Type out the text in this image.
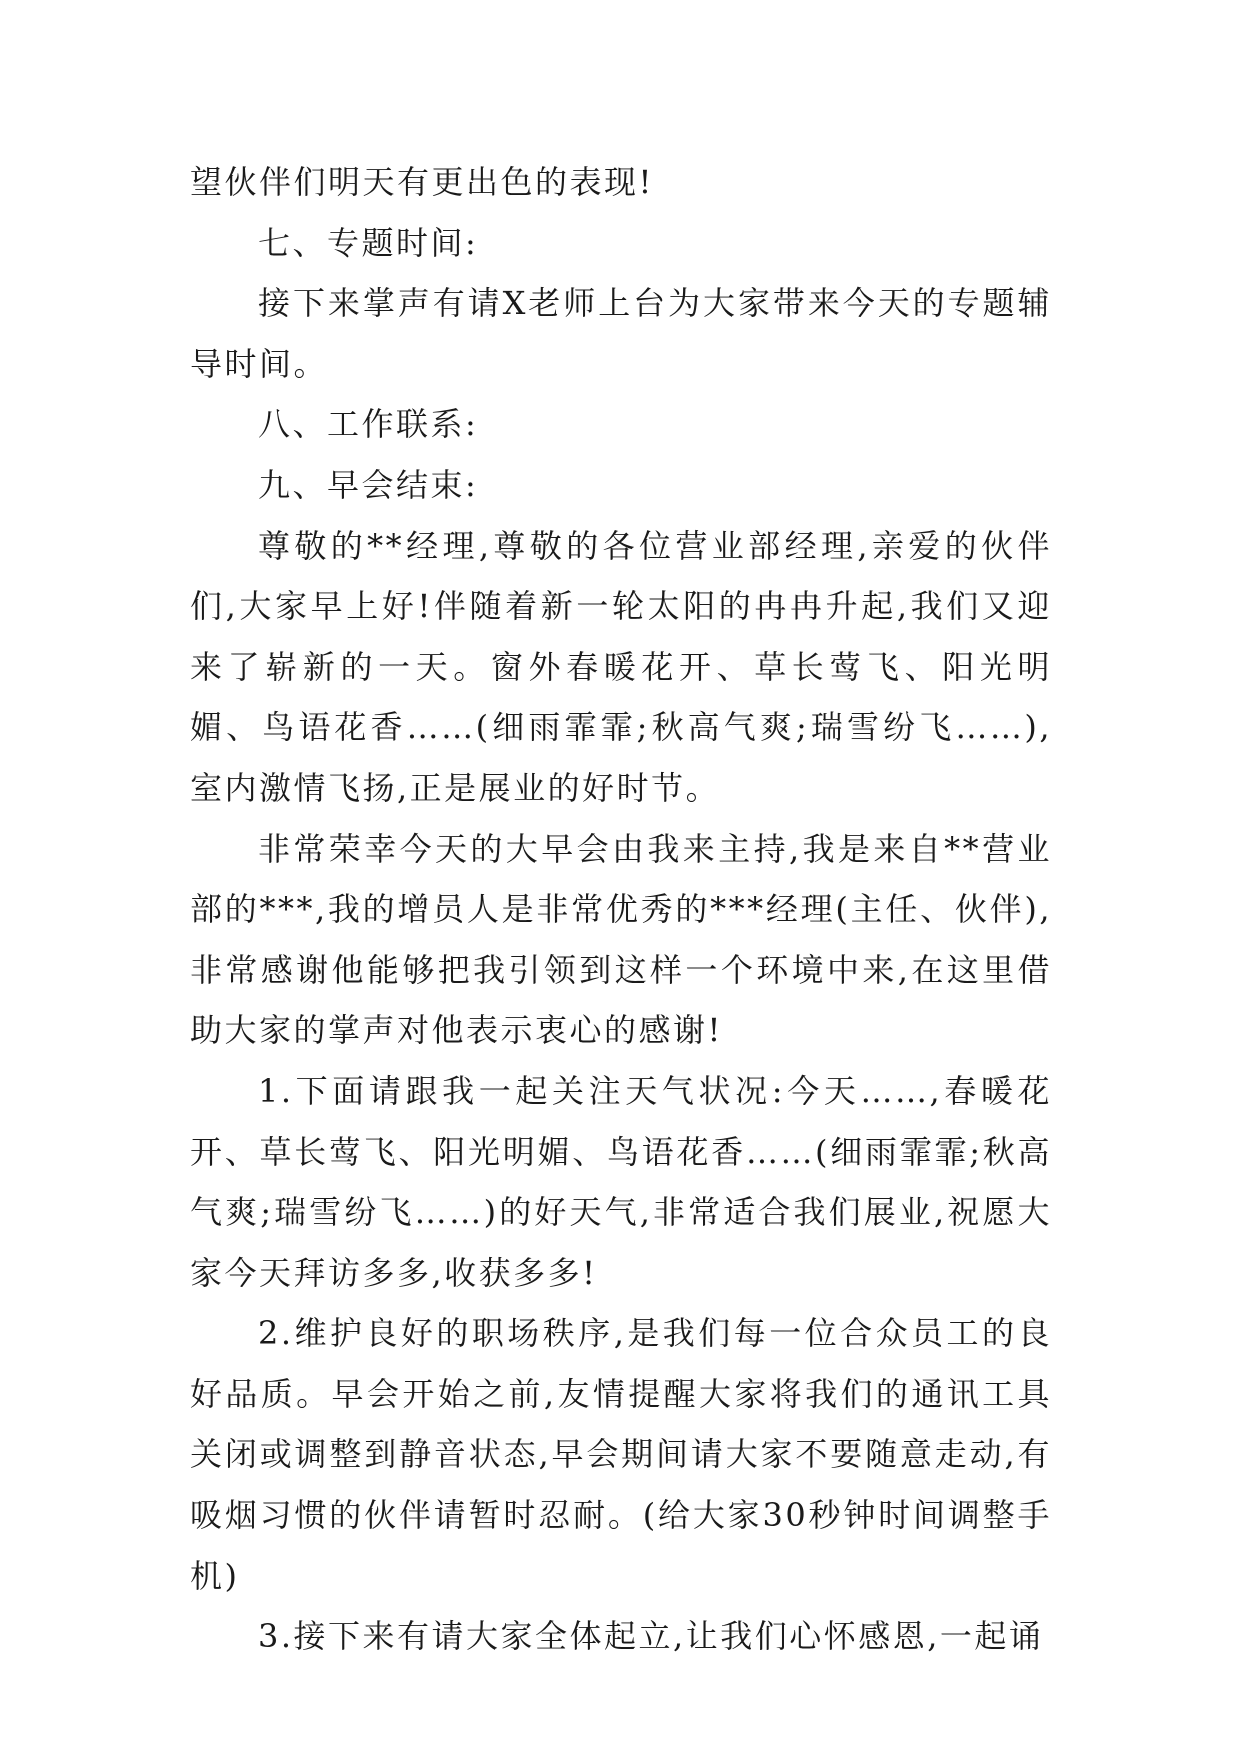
望伙伴们明天有更出色的表现!

七、专题时间:

接下来掌声有请X老师上台为大家带来今天的专题辅导时间。

八、工作联系:

九、早会结束:

尊敬的**经理,尊敬的各位营业部经理,亲爱的伙伴们,大家早上好!伴随着新一轮太阳的冉冉升起,我们又迎来了崭新的一天。窗外春暖花开、草长莺飞、阳光明媚、鸟语花香……(细雨霏霏;秋高气爽;瑞雪纷飞……),室内激情飞扬,正是展业的好时节。

非常荣幸今天的大早会由我来主持,我是来自**营业部的***,我的增员人是非常优秀的***经理(主任、伙伴),非常感谢他能够把我引领到这样一个环境中来,在这里借助大家的掌声对他表示衷心的感谢!

1.下面请跟我一起关注天气状况:今天……,春暖花开、草长莺飞、阳光明媚、鸟语花香……(细雨霏霏;秋高气爽;瑞雪纷飞……)的好天气,非常适合我们展业,祝愿大家今天拜访多多,收获多多!

2.维护良好的职场秩序,是我们每一位合众员工的良好品质。早会开始之前,友情提醒大家将我们的通讯工具关闭或调整到静音状态,早会期间请大家不要随意走动,有吸烟习惯的伙伴请暂时忍耐。(给大家30秒钟时间调整手机)

3.接下来有请大家全体起立,让我们心怀感恩,一起诵
